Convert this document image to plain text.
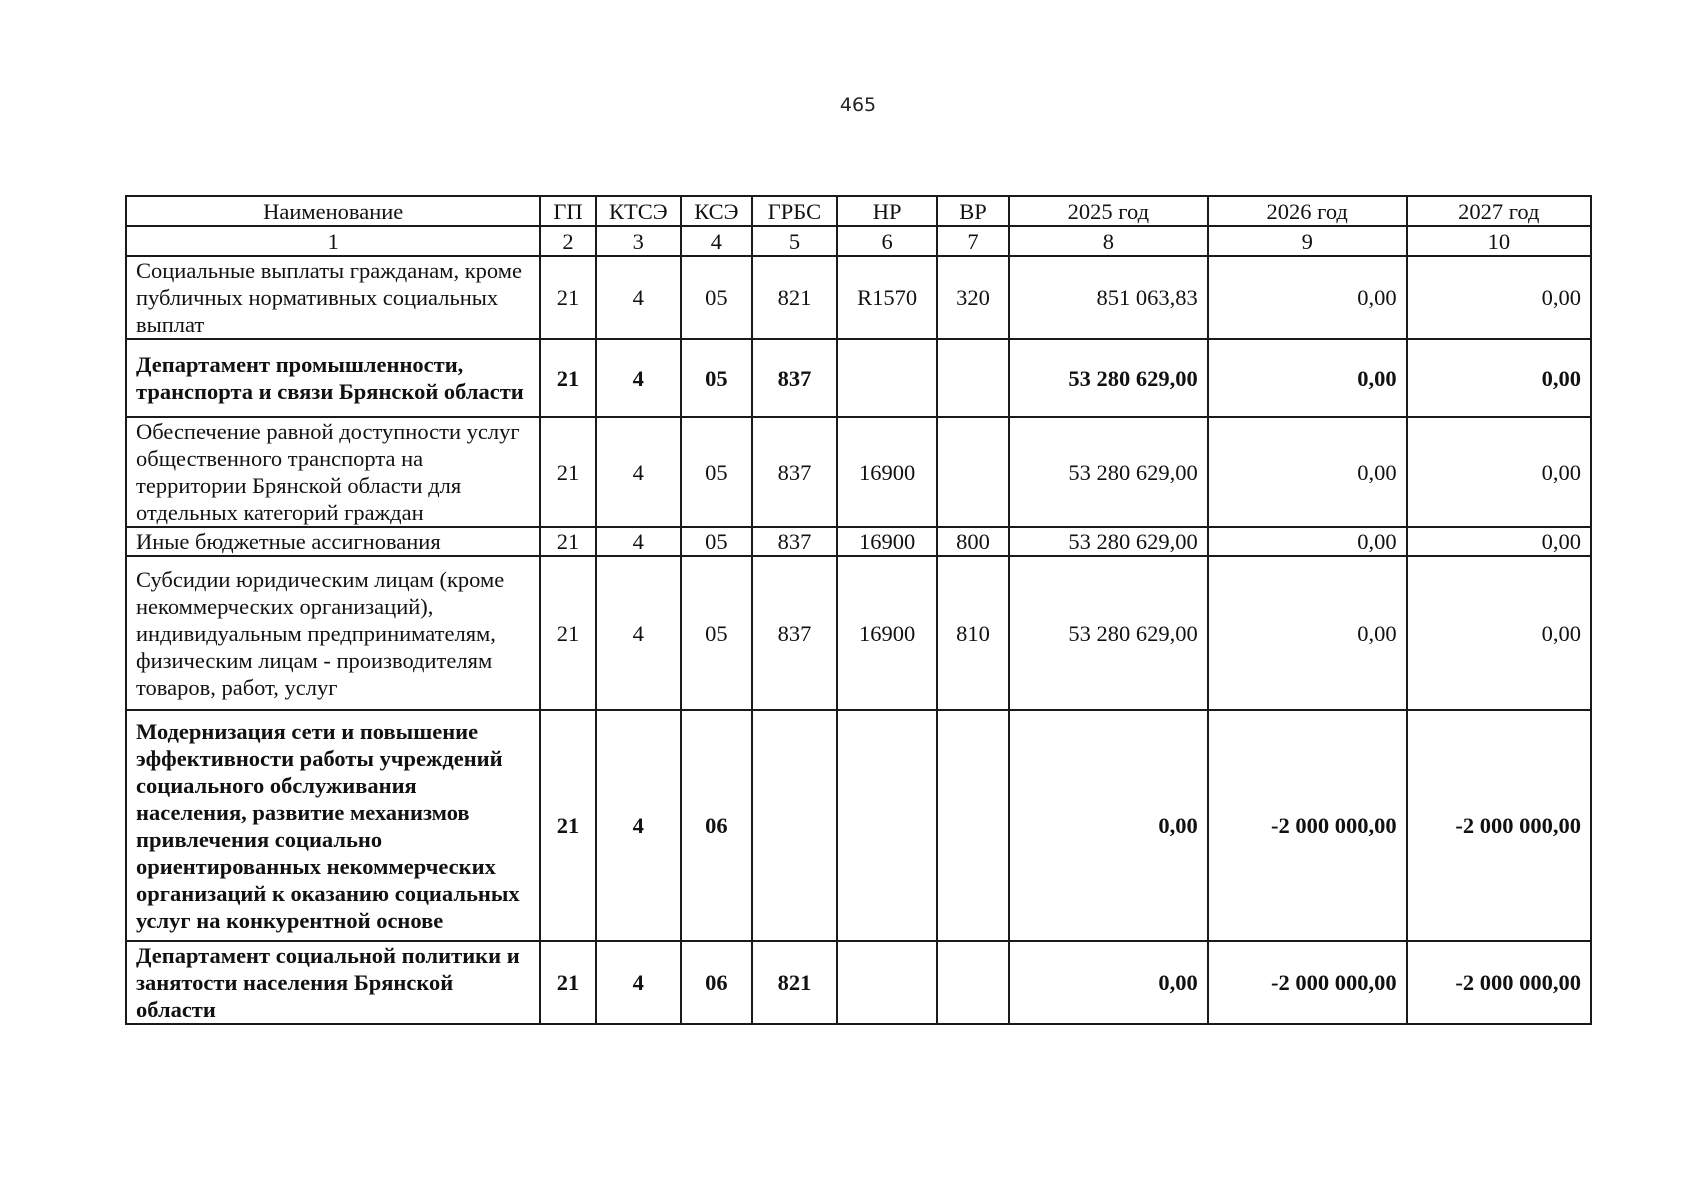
465
Наименование	ГП	КТСЭ	КСЭ	ГРБС	НР	ВР	2025 год	2026 год	2027 год
1	2	3	4	5	6	7	8	9	10
Социальные выплаты гражданам, кроме публичных нормативных социальных выплат	21	4	05	821	R1570	320	851 063,83	0,00	0,00
Департамент промышленности, транспорта и связи Брянской области	21	4	05	837			53 280 629,00	0,00	0,00
Обеспечение равной доступности услуг общественного транспорта на территории Брянской области для отдельных категорий граждан	21	4	05	837	16900		53 280 629,00	0,00	0,00
Иные бюджетные ассигнования	21	4	05	837	16900	800	53 280 629,00	0,00	0,00
Субсидии юридическим лицам (кроме некоммерческих организаций), индивидуальным предпринимателям, физическим лицам - производителям товаров, работ, услуг	21	4	05	837	16900	810	53 280 629,00	0,00	0,00
Модернизация сети и повышение эффективности работы учреждений социального обслуживания населения, развитие механизмов привлечения социально ориентированных некоммерческих организаций к оказанию социальных услуг на конкурентной основе	21	4	06				0,00	-2 000 000,00	-2 000 000,00
Департамент социальной политики и занятости населения Брянской области	21	4	06	821			0,00	-2 000 000,00	-2 000 000,00
